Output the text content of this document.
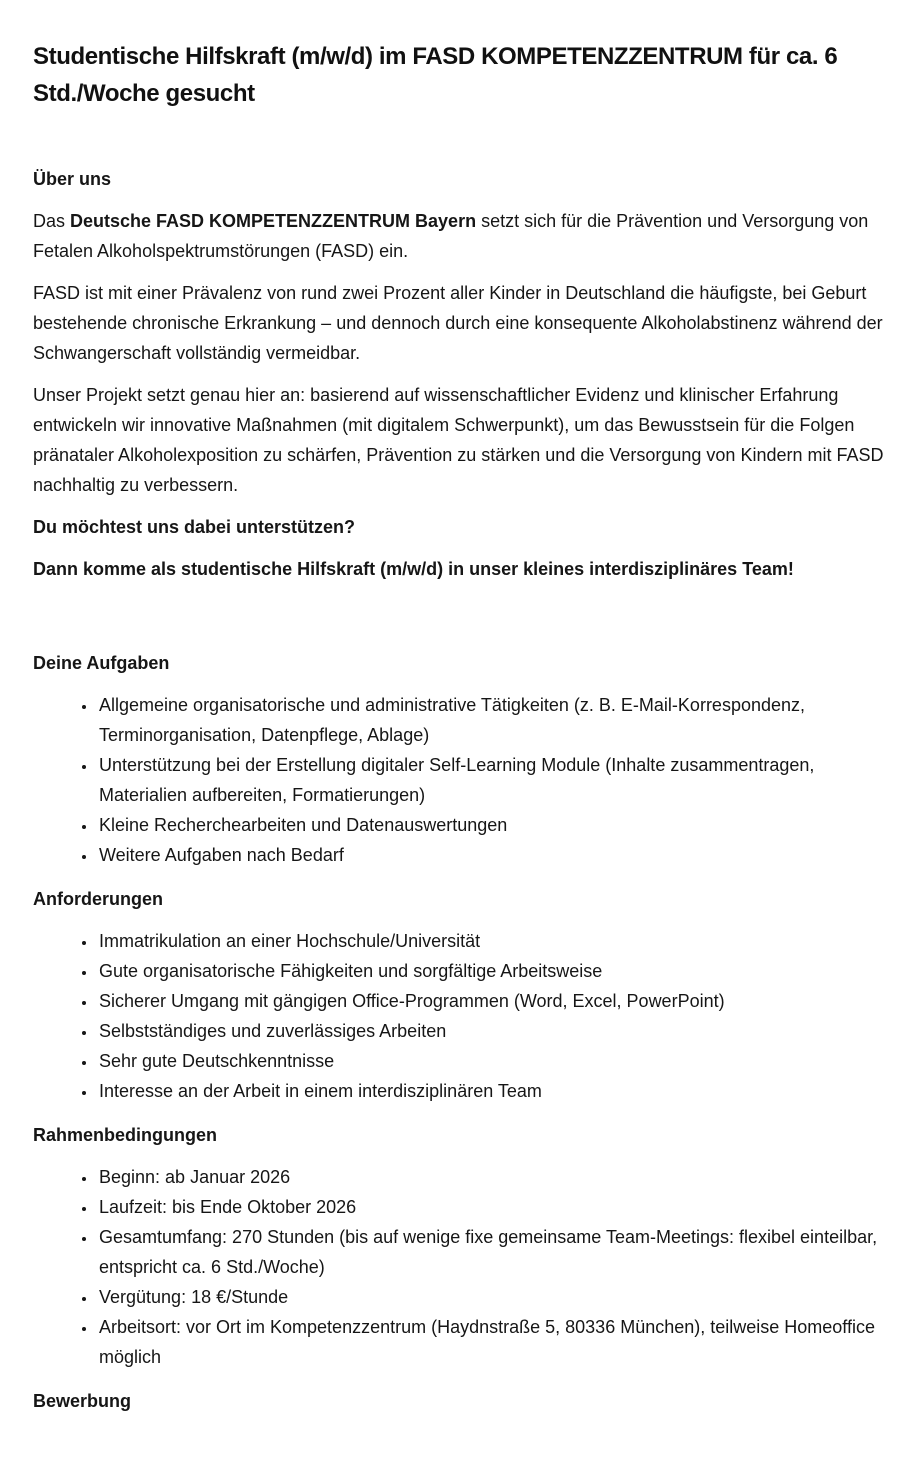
Studentische Hilfskraft (m/w/d) im FASD KOMPETENZZENTRUM für ca. 6 Std./Woche gesucht
Über uns

Das Deutsche FASD KOMPETENZZENTRUM Bayern setzt sich für die Prävention und Versorgung von Fetalen Alkoholspektrumstörungen (FASD) ein.

FASD ist mit einer Prävalenz von rund zwei Prozent aller Kinder in Deutschland die häufigste, bei Geburt bestehende chronische Erkrankung – und dennoch durch eine konsequente Alkoholabstinenz während der Schwangerschaft vollständig vermeidbar.

Unser Projekt setzt genau hier an: basierend auf wissenschaftlicher Evidenz und klinischer Erfahrung entwickeln wir innovative Maßnahmen (mit digitalem Schwerpunkt), um das Bewusstsein für die Folgen pränataler Alkoholexposition zu schärfen, Prävention zu stärken und die Versorgung von Kindern mit FASD nachhaltig zu verbessern.

Du möchtest uns dabei unterstützen?

Dann komme als studentische Hilfskraft (m/w/d) in unser kleines interdisziplinäres Team!

Deine Aufgaben
• Allgemeine organisatorische und administrative Tätigkeiten (z. B. E-Mail-Korrespondenz, Terminorganisation, Datenpflege, Ablage)
• Unterstützung bei der Erstellung digitaler Self-Learning Module (Inhalte zusammentragen, Materialien aufbereiten, Formatierungen)
• Kleine Recherchearbeiten und Datenauswertungen
• Weitere Aufgaben nach Bedarf
Anforderungen
• Immatrikulation an einer Hochschule/Universität
• Gute organisatorische Fähigkeiten und sorgfältige Arbeitsweise
• Sicherer Umgang mit gängigen Office-Programmen (Word, Excel, PowerPoint)
• Selbstständiges und zuverlässiges Arbeiten
• Sehr gute Deutschkenntnisse
• Interesse an der Arbeit in einem interdisziplinären Team
Rahmenbedingungen
• Beginn: ab Januar 2026
• Laufzeit: bis Ende Oktober 2026
• Gesamtumfang: 270 Stunden (bis auf wenige fixe gemeinsame Team-Meetings: flexibel einteilbar, entspricht ca. 6 Std./Woche)
• Vergütung: 18 €/Stunde
• Arbeitsort: vor Ort im Kompetenzzentrum (Haydnstraße 5, 80336 München), teilweise Homeoffice möglich
Bewerbung
